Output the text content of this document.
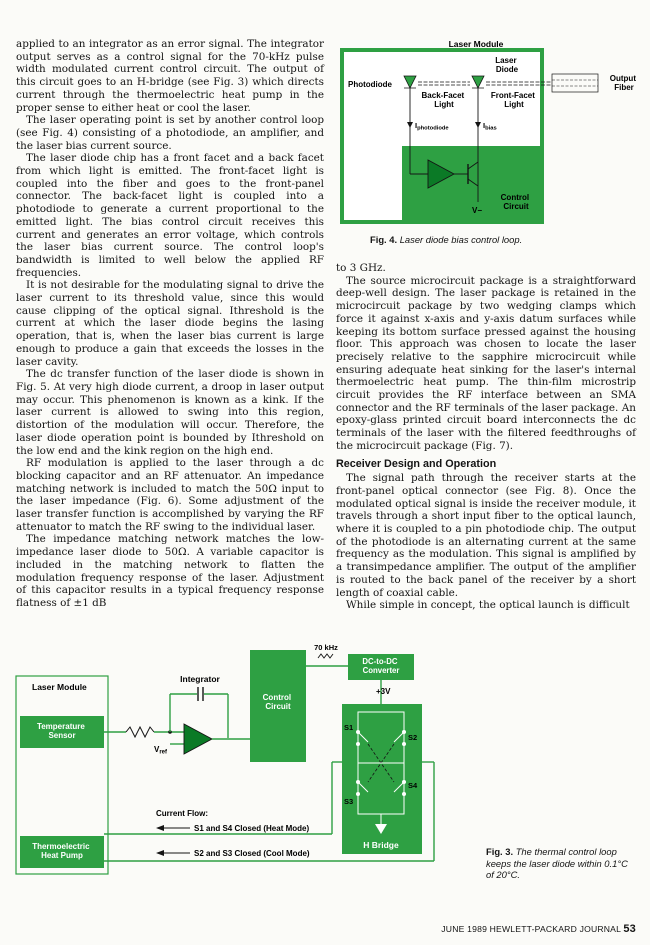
applied to an integrator as an error signal. The integrator output serves as a control signal for the 70-kHz pulse width modulated current control circuit. The output of this circuit goes to an H-bridge (see Fig. 3) which directs current through the thermoelectric heat pump in the proper sense to either heat or cool the laser.

The laser operating point is set by another control loop (see Fig. 4) consisting of a photodiode, an amplifier, and the laser bias current source.

The laser diode chip has a front facet and a back facet from which light is emitted. The front-facet light is coupled into the fiber and goes to the front-panel connector. The back-facet light is coupled into a photodiode to generate a current proportional to the emitted light. The bias control circuit receives this current and generates an error voltage, which controls the laser bias current source. The control loop's bandwidth is limited to well below the applied RF frequencies.

It is not desirable for the modulating signal to drive the laser current to its threshold value, since this would cause clipping of the optical signal. Ithreshold is the current at which the laser diode begins the lasing operation, that is, when the laser bias current is large enough to produce a gain that exceeds the losses in the laser cavity.

The dc transfer function of the laser diode is shown in Fig. 5. At very high diode current, a droop in laser output may occur. This phenomenon is known as a kink. If the laser current is allowed to swing into this region, distortion of the modulation will occur. Therefore, the laser diode operation point is bounded by Ithreshold on the low end and the kink region on the high end.

RF modulation is applied to the laser through a dc blocking capacitor and an RF attenuator. An impedance matching network is included to match the 50Ω input to the laser impedance (Fig. 6). Some adjustment of the laser transfer function is accomplished by varying the RF attenuator to match the RF swing to the individual laser.

The impedance matching network matches the low-impedance laser diode to 50Ω. A variable capacitor is included in the matching network to flatten the modulation frequency response of the laser. Adjustment of this capacitor results in a typical frequency response flatness of ±1 dB

Laser Module
Laser Diode
Photodiode
Output Fiber
Back-Facet Light
Front-Facet Light
$I_{photodiode}$	$I_{bias}$
V−
Control Circuit
Fig. 4. Laser diode bias control loop.

to 3 GHz.

The source microcircuit package is a straightforward deep-well design. The laser package is retained in the microcircuit package by two wedging clamps which force it against x-axis and y-axis datum surfaces while keeping its bottom surface pressed against the housing floor. This approach was chosen to locate the laser precisely relative to the sapphire microcircuit while ensuring adequate heat sinking for the laser's internal thermoelectric heat pump. The thin-film microstrip circuit provides the RF interface between an SMA connector and the RF terminals of the laser package. An epoxy-glass printed circuit board interconnects the dc terminals of the laser with the filtered feedthroughs of the microcircuit package (Fig. 7).

Receiver Design and Operation

The signal path through the receiver starts at the front-panel optical connector (see Fig. 8). Once the modulated optical signal is inside the receiver module, it travels through a short input fiber to the optical launch, where it is coupled to a pin photodiode chip. The output of the photodiode is an alternating current at the same frequency as the modulation. This signal is amplified by a transimpedance amplifier. The output of the amplifier is routed to the back panel of the receiver by a short length of coaxial cable.

While simple in concept, the optical launch is difficult

Laser Module
Temperature Sensor
Thermoelectric Heat Pump
Vref
Integrator
Control Circuit
70 kHz
DC-to-DC Converter
+3V
S1
S2
S3
S4
H Bridge
Current Flow:
S1 and S4 Closed (Heat Mode)
S2 and S3 Closed (Cool Mode)	Fig. 3. The thermal control loop keeps the laser diode within 0.1°C of 20°C.
JUNE 1989 HEWLETT-PACKARD JOURNAL 53
